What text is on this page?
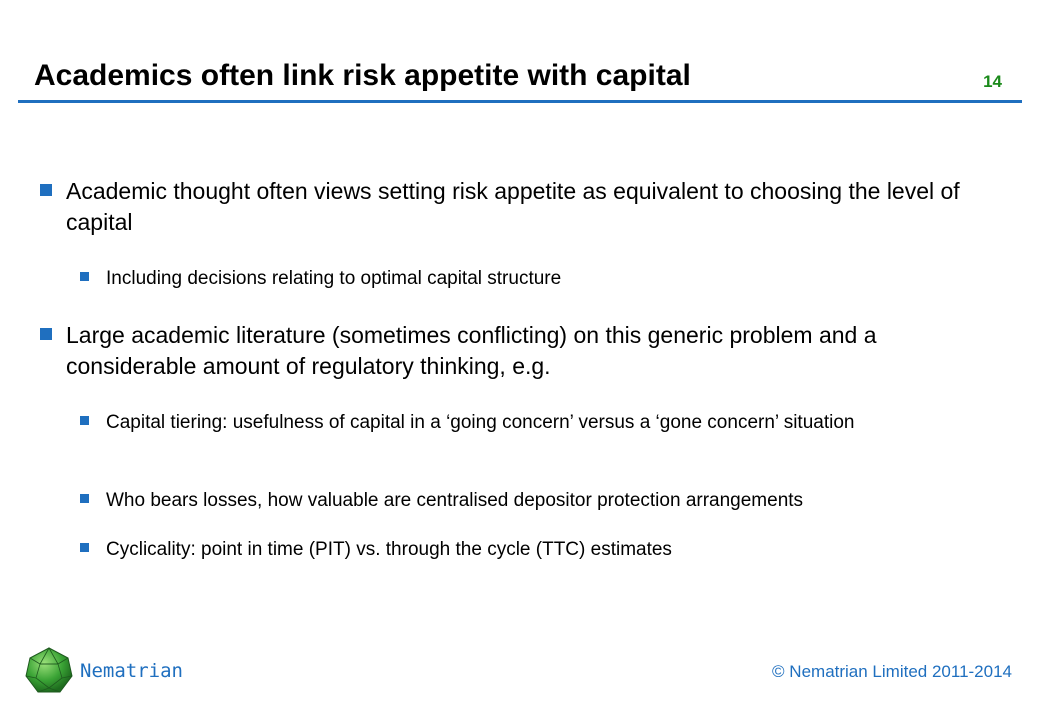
Academics often link risk appetite with capital	14
Academic thought often views setting risk appetite as equivalent to choosing the level of capital
Including decisions relating to optimal capital structure
Large academic literature (sometimes conflicting) on this generic problem and a considerable amount of regulatory thinking, e.g.
Capital tiering: usefulness of capital in a ‘going concern’ versus a ‘gone concern’ situation
Who bears losses, how valuable are centralised depositor protection arrangements
Cyclicality: point in time (PIT) vs. through the cycle (TTC) estimates
Nematrian	© Nematrian Limited 2011-2014
